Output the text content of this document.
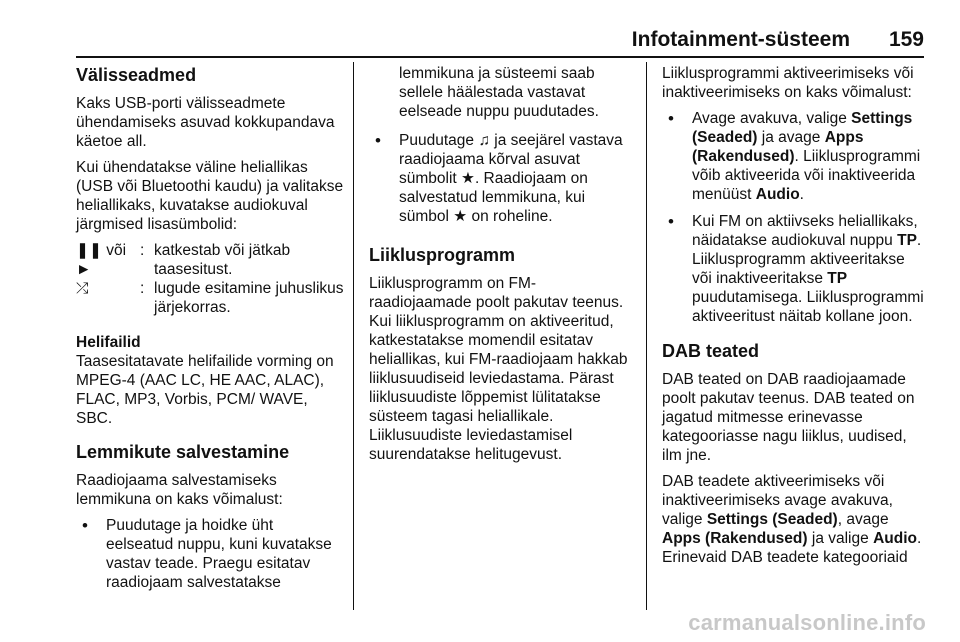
Infotainment-süsteem 159
Välisseadmed

Kaks USB-porti välisseadmete ühendamiseks asuvad kokkupandava käetoe all.

Kui ühendatakse väline heliallikas (USB või Bluetoothi kaudu) ja valitakse heliallikaks, kuvatakse audiokuval järgmised lisasümbolid:

❚❚ või ►	:	katkestab või jätkab taasesitust.
⤮	:	lugude esitamine juhuslikus järjekorras.
Helifailid

Taasesitatavate helifailide vorming on MPEG-4 (AAC LC, HE AAC, ALAC), FLAC, MP3, Vorbis, PCM/ WAVE, SBC.

Lemmikute salvestamine

Raadiojaama salvestamiseks lemmikuna on kaks võimalust:

• Puudutage ja hoidke üht eelseatud nuppu, kuni kuvatakse vastav teade. Praegu esitatav raadiojaam salvestatakse
lemmikuna ja süsteemi saab sellele häälestada vastavat eelseade nuppu puudutades.
• Puudutage ♫ ja seejärel vastava raadiojaama kõrval asuvat sümbolit ★. Raadiojaam on salvestatud lemmikuna, kui sümbol ★ on roheline.
Liiklusprogramm

Liiklusprogramm on FM-raadiojaamade poolt pakutav teenus. Kui liiklusprogramm on aktiveeritud, katkestatakse momendil esitatav heliallikas, kui FM-raadiojaam hakkab liiklusuudiseid leviedastama. Pärast liiklusuudiste lõppemist lülitatakse süsteem tagasi heliallikale. Liiklusuudiste leviedastamisel suurendatakse helitugevust.

Liiklusprogrammi aktiveerimiseks või inaktiveerimiseks on kaks võimalust:

• Avage avakuva, valige Settings (Seaded) ja avage Apps (Rakendused). Liiklusprogrammi võib aktiveerida või inaktiveerida menüüst Audio.
• Kui FM on aktiivseks heliallikaks, näidatakse audiokuval nuppu TP. Liiklusprogramm aktiveeritakse või inaktiveeritakse TP puudutamisega. Liiklusprogrammi aktiveeritust näitab kollane joon.
DAB teated

DAB teated on DAB raadiojaamade poolt pakutav teenus. DAB teated on jagatud mitmesse erinevasse kategooriasse nagu liiklus, uudised, ilm jne.

DAB teadete aktiveerimiseks või inaktiveerimiseks avage avakuva, valige Settings (Seaded), avage Apps (Rakendused) ja valige Audio.
Erinevaid DAB teadete kategooriaid

carmanualsonline.info
